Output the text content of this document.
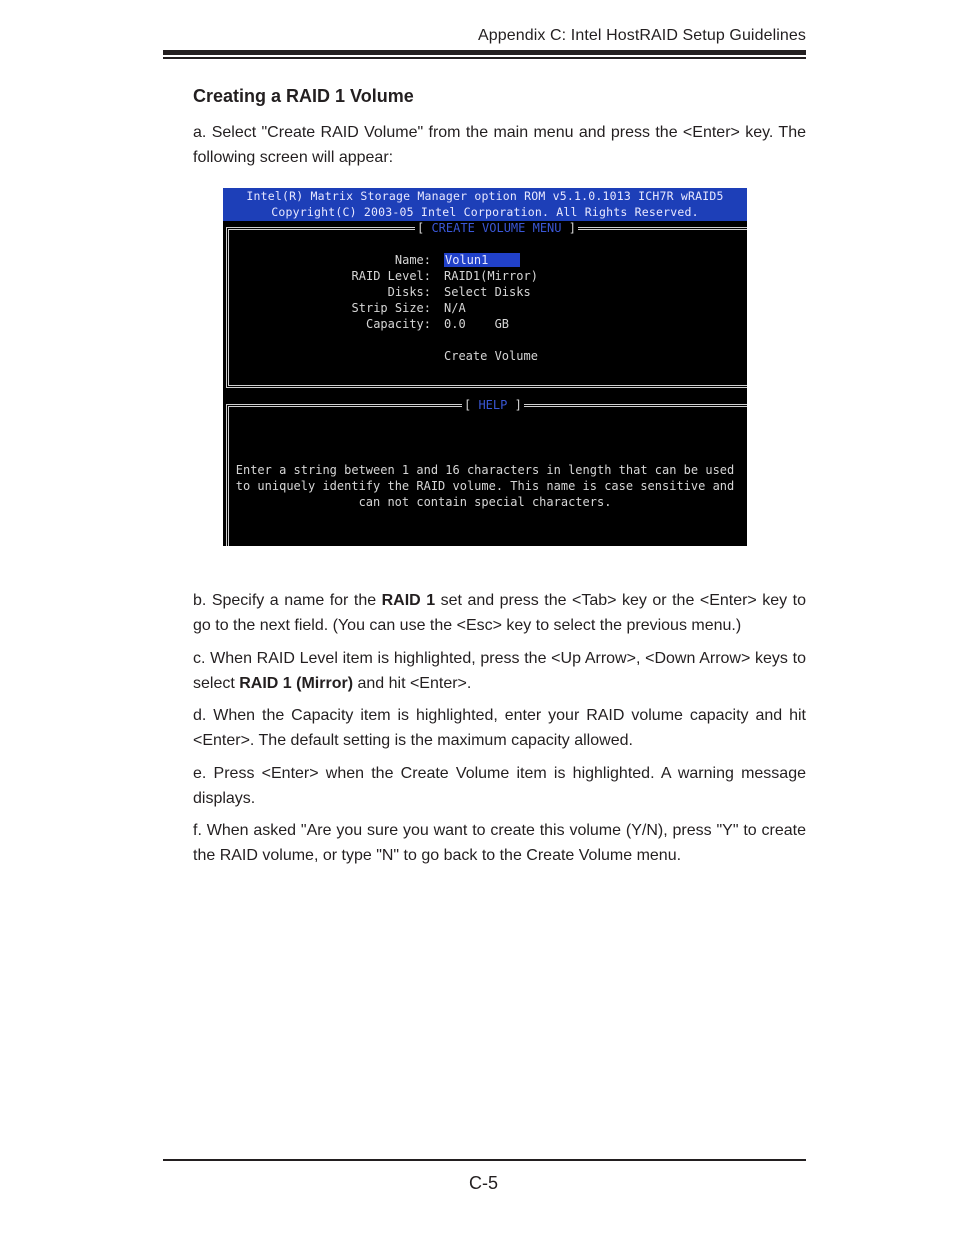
Appendix C: Intel HostRAID Setup Guidelines
Creating a RAID 1 Volume

a. Select "Create RAID Volume" from the main menu and press the <Enter> key. The following screen will appear:

Intel(R) Matrix Storage Manager option ROM v5.1.0.1013 ICH7R wRAID5
Copyright(C) 2003-05 Intel Corporation. All Rights Reserved.
[ CREATE VOLUME MENU ]
Name: Volun1
RAID Level: RAID1(Mirror)
Disks: Select Disks
Strip Size: N/A
Capacity: 0.0    GB
Create Volume
[ HELP ]
Enter a string between 1 and 16 characters in length that can be used
to uniquely identify the RAID volume. This name is case sensitive and
can not contain special characters.

b. Specify a name for the RAID 1 set and press the <Tab> key or the <Enter> key to go to the next field. (You can use the <Esc> key to select the previous menu.)

c. When RAID Level item is highlighted, press the <Up Arrow>, <Down Arrow> keys to select RAID 1 (Mirror) and hit <Enter>.

d. When the Capacity item is highlighted, enter your RAID volume capacity and hit <Enter>. The default setting is the maximum capacity allowed.

e. Press <Enter> when the Create Volume item is highlighted. A warning message displays.

f. When asked "Are you sure you want to create this volume (Y/N), press "Y" to create the RAID volume, or type "N" to go back to the Create Volume menu.

C-5
